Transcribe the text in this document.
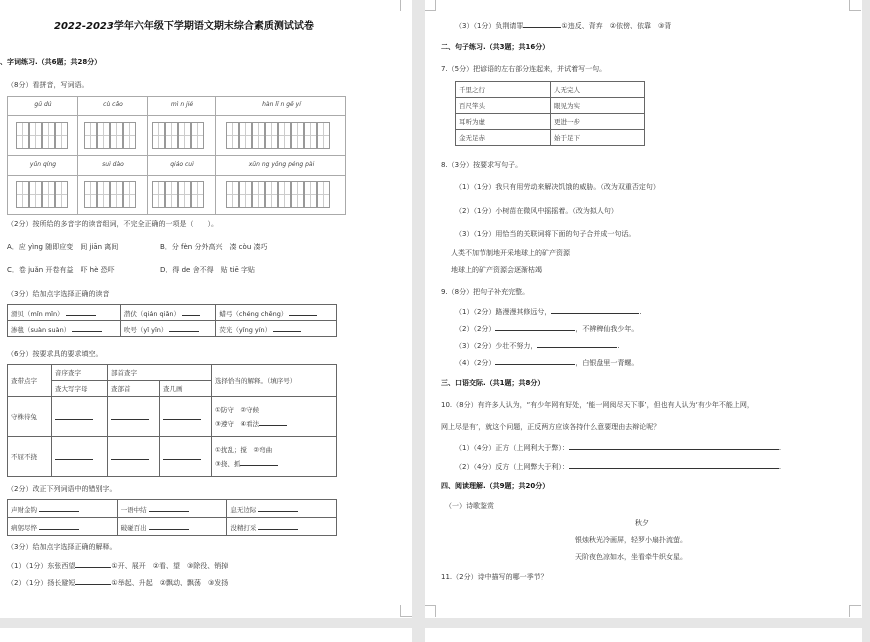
2022-2023学年六年级下学期语文期末综合素质测试试卷
、字词练习.（共6题；共28分）
（8分）看拼音，写词语。
gū dú	cù cǎo	mì n jié	hàn lǐ n gē yí
yǔn qíng	suì dào	qiáo cuì	xūn ng yǒng péng pài
（2分）按所给的多音字的读音组词，不完全正确的一项是（　　）。
A．应 yìng 随即应变　间 jiān 离间	B．分 fèn 分外高兴　凑 còu 凑巧
C．卷 juǎn 开卷有益　吓 hè 恐吓	D．得 de 舍不得　贴 tiē 字贴
（3分）给加点字选择正确的读音
滑贝（mǐn mǐn）	潜伏（qián qiǎn）	蜡弓（chéng chēng）
渗毯（suàn suàn）	吹号（yǐ yīn）	荧光（yǐng yín）
（6分）按要求具的要求填空。
查带点字	音序查字	部首查字		选择恰当的解释。（填序号）
	查大写字母	查部首	查几画	
守株待兔				①防守　②守候
③遵守　④看法

不屈不挠				①扰乱；搅　②弯曲
③挠、抓
（2分）改正下列词语中的错别字。
声财金钩	一语中结	息无边际
病躬尽悴	破碰百出	没精打采
（3分）给加点字选择正确的解释。
（1）（1分）东张西望	①开、展开　②看、望　③除役、销掉
（2）（1分）扬长避短	①举起、升起　②飘动、飘荡　③发扬
（3）（1分）负荆请罪	①违反、背弃　②依傍、依靠　③背
二、句子练习.（共3题；共16分）
7.（5分）把谚语的左右部分连起来，并试着写一句。
千里之行	人无完人
百尺竿头	眼见为实
耳听为虚	更进一步
金无足赤	始于足下
8.（3分）按要求写句子。
（1）（1分）我只有用劳动来解决饥饿的威胁。（改为双重否定句）
（2）（1分）小树苗在微风中摇摇着。（改为拟人句）
（3）（1分）用恰当的关联词将下面的句子合并成一句话。
人类不加节制地开采地球上的矿产资源
地球上的矿产资源会逐渐枯竭
9.（8分）把句子补充完整。
（1）（2分）路漫漫其修远兮，	.
（2）（2分）	，不辨稗仙我少年。
（3）（2分）少壮不努力，	.
（4）（2分）	，白银盘里一青螺。
三、口语交际.（共1题；共8分）
10.（8分）有许多人认为，“有少年网有好处，‘能一网阅尽天下事’，但也有人认为‘有少年不能上网，
网上尽是有’，就这个问题，正反两方应该各持什么意要理由去辩论呢？
（1）（4分）正方（上网利大于弊）：	.
（2）（4分）反方（上网弊大于利）：	.
四、阅读理解.（共9题；共20分）
（一）诗歌鉴赏
秋夕
银烛秋光冷画屏，轻罗小扇扑流萤。
天阶夜色凉如水，坐看牵牛织女星。
11.（2分）诗中描写的哪一季节？
